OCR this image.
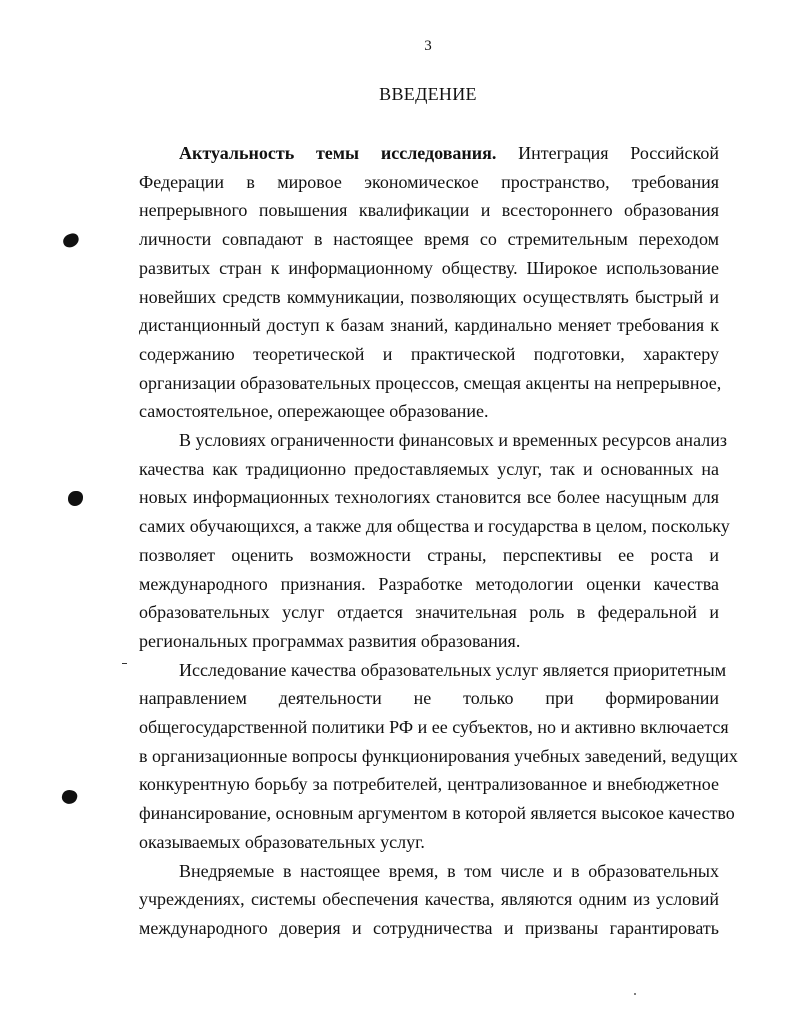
3
ВВЕДЕНИЕ

Актуальность темы исследования. Интеграция Российской
Федерации в мировое экономическое пространство, требования
непрерывного повышения квалификации и всестороннего образования
личности совпадают в настоящее время со стремительным переходом
развитых стран к информационному обществу. Широкое использование
новейших средств коммуникации, позволяющих осуществлять быстрый и
дистанционный доступ к базам знаний, кардинально меняет требования к
содержанию теоретической и практической подготовки, характеру
организации образовательных процессов, смещая акценты на непрерывное,
самостоятельное, опережающее образование.

В условиях ограниченности финансовых и временных ресурсов анализ
качества как традиционно предоставляемых услуг, так и основанных на
новых информационных технологиях становится все более насущным для
самих обучающихся, а также для общества и государства в целом, поскольку
позволяет оценить возможности страны, перспективы ее роста и
международного признания. Разработке методологии оценки качества
образовательных услуг отдается значительная роль в федеральной и
региональных программах развития образования.

Исследование качества образовательных услуг является приоритетным
направлением деятельности не только при формировании
общегосударственной политики РФ и ее субъектов, но и активно включается
в организационные вопросы функционирования учебных заведений, ведущих
конкурентную борьбу за потребителей, централизованное и внебюджетное
финансирование, основным аргументом в которой является высокое качество
оказываемых образовательных услуг.

Внедряемые в настоящее время, в том числе и в образовательных
учреждениях, системы обеспечения качества, являются одним из условий
международного доверия и сотрудничества и призваны гарантировать
